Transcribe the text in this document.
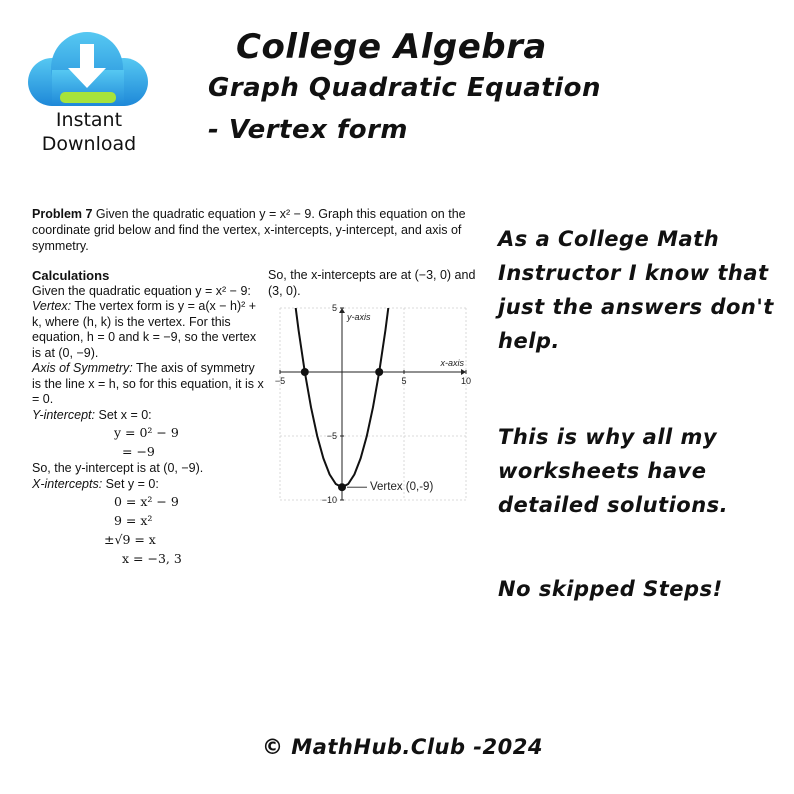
Instant
Download
College Algebra
Graph Quadratic Equation
- Vertex form
Problem 7 Given the quadratic equation y = x² − 9. Graph this equation on the coordinate grid below and find the vertex, x-intercepts, y-intercept, and axis of symmetry.
Calculations
Given the quadratic equation y = x² − 9:
Vertex: The vertex form is y = a(x − h)² + k, where (h, k) is the vertex. For this equation, h = 0 and k = −9, so the vertex is at (0, −9).
Axis of Symmetry: The axis of symmetry is the line x = h, so for this equation, it is x = 0.
Y-intercept: Set x = 0:
y = 0² − 9
= −9
So, the y-intercept is at (0, −9).
X-intercepts: Set y = 0:
0 = x² − 9
9 = x²
±√9 = x
x = −3, 3
So, the x-intercepts are at (−3, 0) and (3, 0).
−5	5	10
5
−5
−10
x-axis
y-axis
Vertex (0,-9)
As a College Math Instructor I know that just the answers don't help.
This is why all my worksheets have detailed solutions.
No skipped Steps!
© MathHub.Club -2024
